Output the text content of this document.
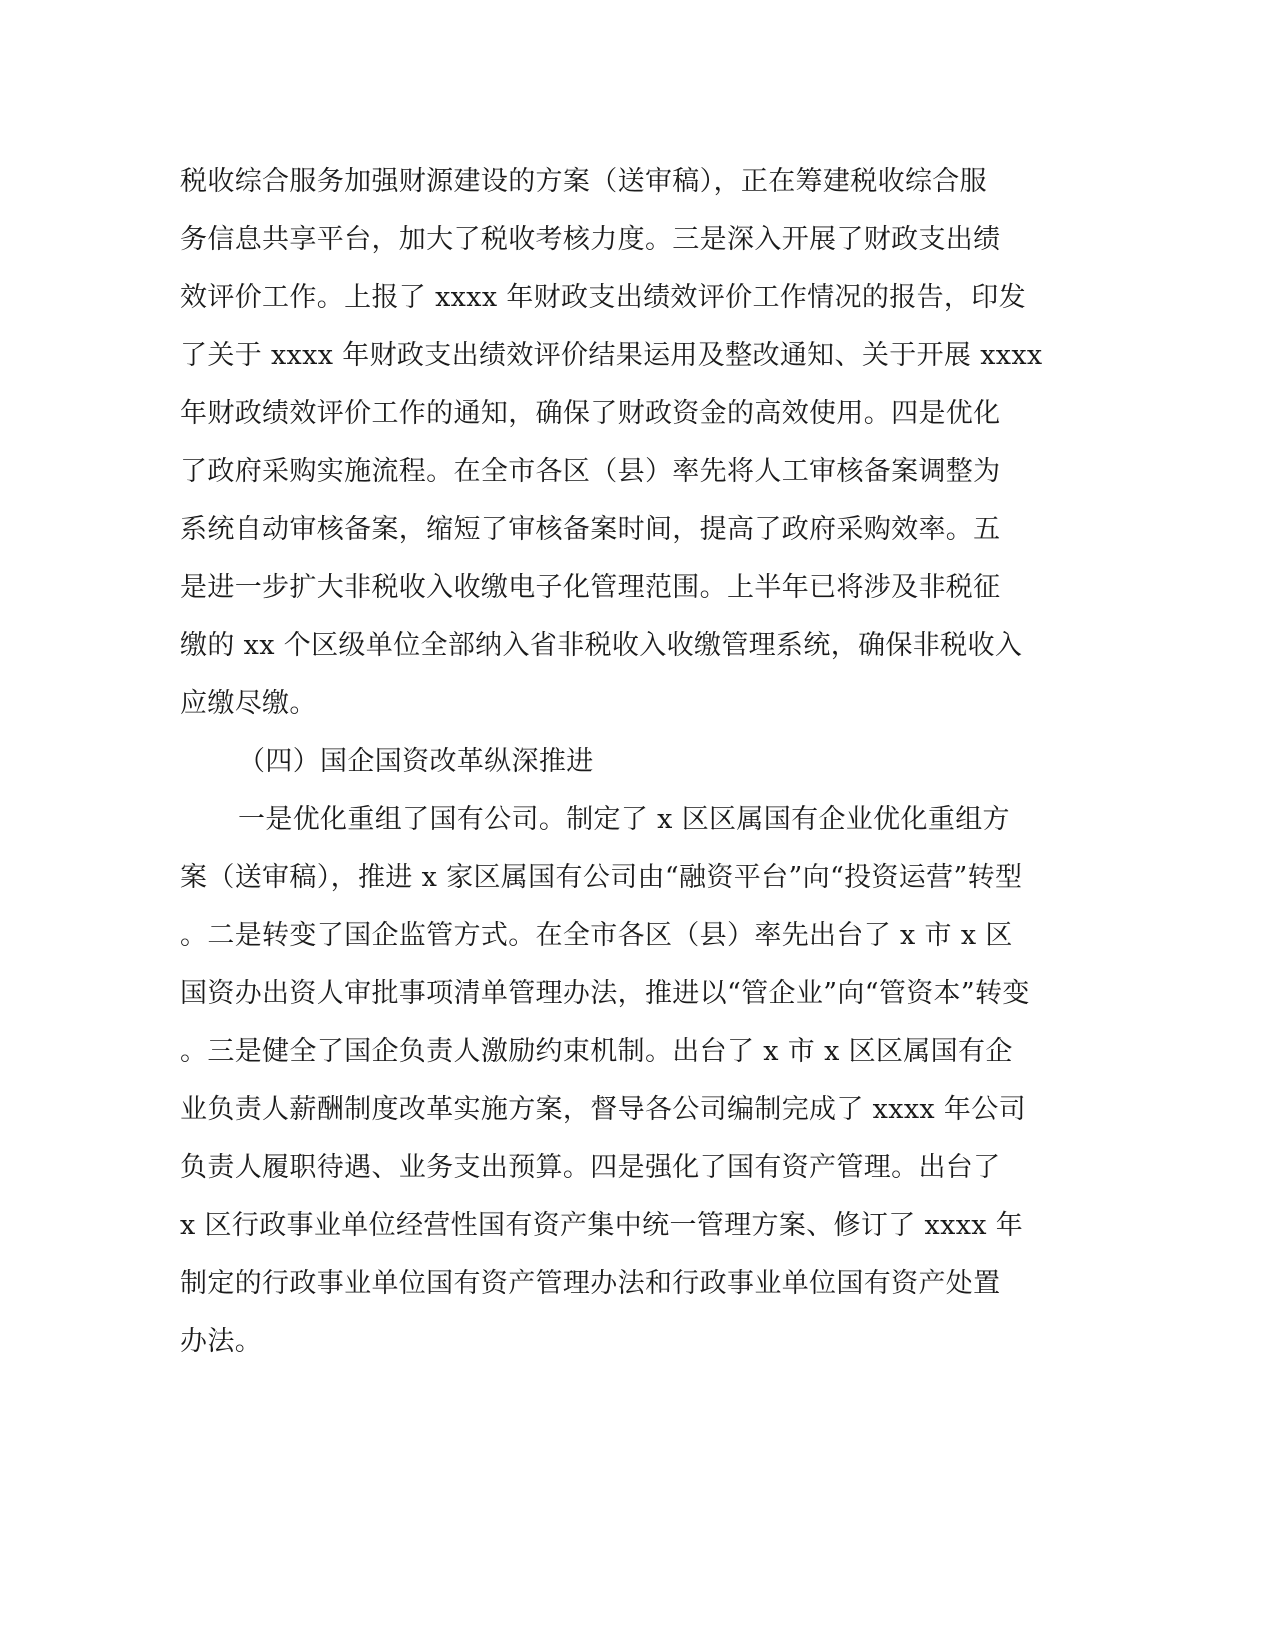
税收综合服务加强财源建设的方案（送审稿），正在筹建税收综合服
务信息共享平台，加大了税收考核力度。三是深入开展了财政支出绩
效评价工作。上报了 xxxx 年财政支出绩效评价工作情况的报告，印发
了关于 xxxx 年财政支出绩效评价结果运用及整改通知、关于开展 xxxx
年财政绩效评价工作的通知，确保了财政资金的高效使用。四是优化
了政府采购实施流程。在全市各区（县）率先将人工审核备案调整为
系统自动审核备案，缩短了审核备案时间，提高了政府采购效率。五
是进一步扩大非税收入收缴电子化管理范围。上半年已将涉及非税征
缴的 xx 个区级单位全部纳入省非税收入收缴管理系统，确保非税收入
应缴尽缴。
（四）国企国资改革纵深推进
一是优化重组了国有公司。制定了 x 区区属国有企业优化重组方
案（送审稿），推进 x 家区属国有公司由“融资平台”向“投资运营”转型
。二是转变了国企监管方式。在全市各区（县）率先出台了 x 市 x 区
国资办出资人审批事项清单管理办法，推进以“管企业”向“管资本”转变
。三是健全了国企负责人激励约束机制。出台了 x 市 x 区区属国有企
业负责人薪酬制度改革实施方案，督导各公司编制完成了 xxxx 年公司
负责人履职待遇、业务支出预算。四是强化了国有资产管理。出台了
x 区行政事业单位经营性国有资产集中统一管理方案、修订了 xxxx 年
制定的行政事业单位国有资产管理办法和行政事业单位国有资产处置
办法。
